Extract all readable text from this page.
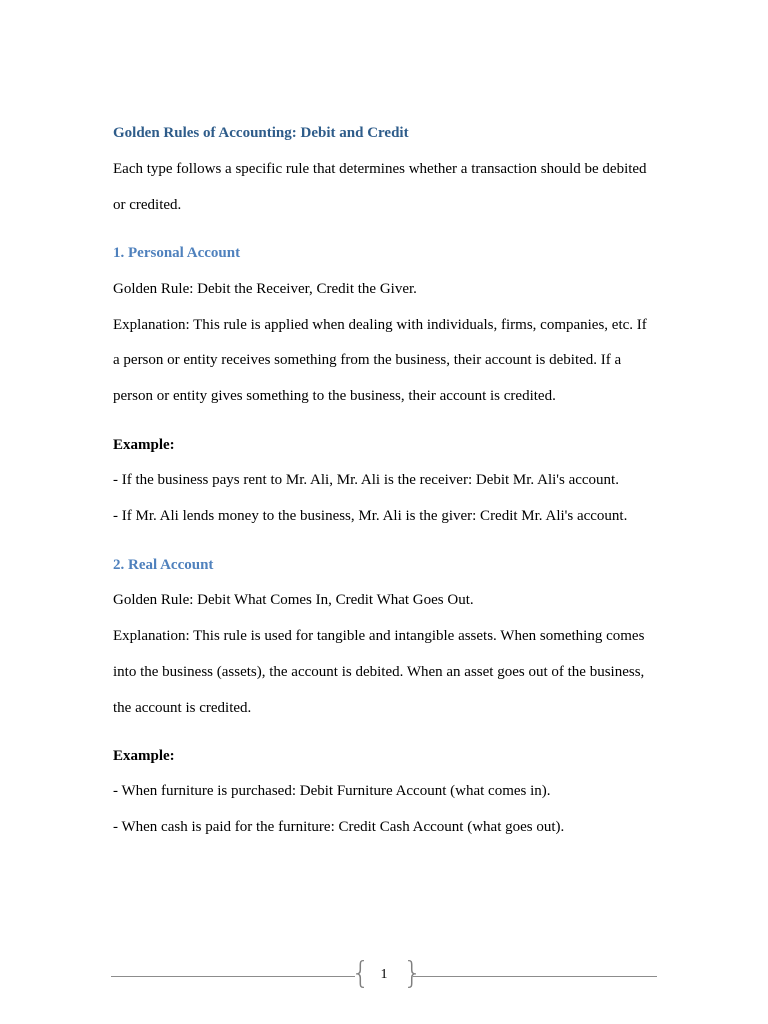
Golden Rules of Accounting: Debit and Credit
Each type follows a specific rule that determines whether a transaction should be debited
or credited.
1. Personal Account
Golden Rule: Debit the Receiver, Credit the Giver.
Explanation: This rule is applied when dealing with individuals, firms, companies, etc. If
a person or entity receives something from the business, their account is debited. If a
person or entity gives something to the business, their account is credited.
Example:
- If the business pays rent to Mr. Ali, Mr. Ali is the receiver: Debit Mr. Ali's account.
- If Mr. Ali lends money to the business, Mr. Ali is the giver: Credit Mr. Ali's account.
2. Real Account
Golden Rule: Debit What Comes In, Credit What Goes Out.
Explanation: This rule is used for tangible and intangible assets. When something comes
into the business (assets), the account is debited. When an asset goes out of the business,
the account is credited.
Example:
- When furniture is purchased: Debit Furniture Account (what comes in).
- When cash is paid for the furniture: Credit Cash Account (what goes out).
{ 1 }
